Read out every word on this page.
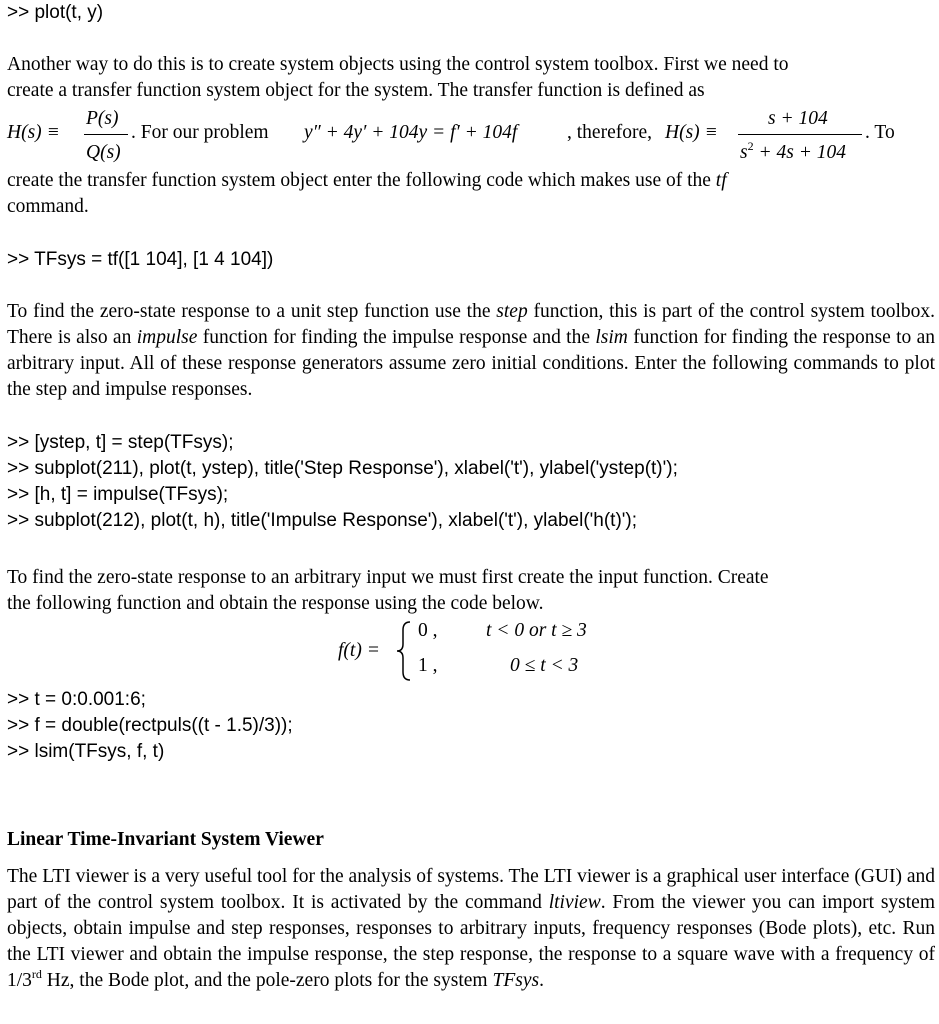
>> plot(t, y)
Another way to do this is to create system objects using the control system toolbox. First we need to
create a transfer function system object for the system. The transfer function is defined as
H(s) ≡
P(s)
Q(s)
. For our problem y″ + 4y′ + 104y = f′ + 104f	, therefore, H(s) ≡
s + 104
$s^2 + 4s + 104$
. To
create the transfer function system object enter the following code which makes use of the tf
command.
>> TFsys = tf([1 104], [1 4 104])

To find the zero-state response to a unit step function use the step function, this is part of the control system toolbox. There is also an impulse function for finding the impulse response and the lsim function for finding the response to an arbitrary input. All of these response generators assume zero initial conditions. Enter the following commands to plot the step and impulse responses.

>> [ystep, t] = step(TFsys);
>> subplot(211), plot(t, ystep), title('Step Response'), xlabel('t'), ylabel('ystep(t)');
>> [h, t] = impulse(TFsys);
>> subplot(212), plot(t, h), title('Impulse Response'), xlabel('t'), ylabel('h(t)');
To find the zero-state response to an arbitrary input we must first create the input function. Create
the following function and obtain the response using the code below.
f(t) =
0 , t < 0 or t ≥ 3
1 ,	0 ≤ t < 3
>> t = 0:0.001:6;
>> f = double(rectpuls((t - 1.5)/3));
>> lsim(TFsys, f, t)
Linear Time-Invariant System Viewer

The LTI viewer is a very useful tool for the analysis of systems. The LTI viewer is a graphical user interface (GUI) and part of the control system toolbox. It is activated by the command ltiview. From the viewer you can import system objects, obtain impulse and step responses, responses to arbitrary inputs, frequency responses (Bode plots), etc. Run the LTI viewer and obtain the impulse response, the step response, the response to a square wave with a frequency of 1/3rd Hz, the Bode plot, and the pole-zero plots for the system TFsys.
